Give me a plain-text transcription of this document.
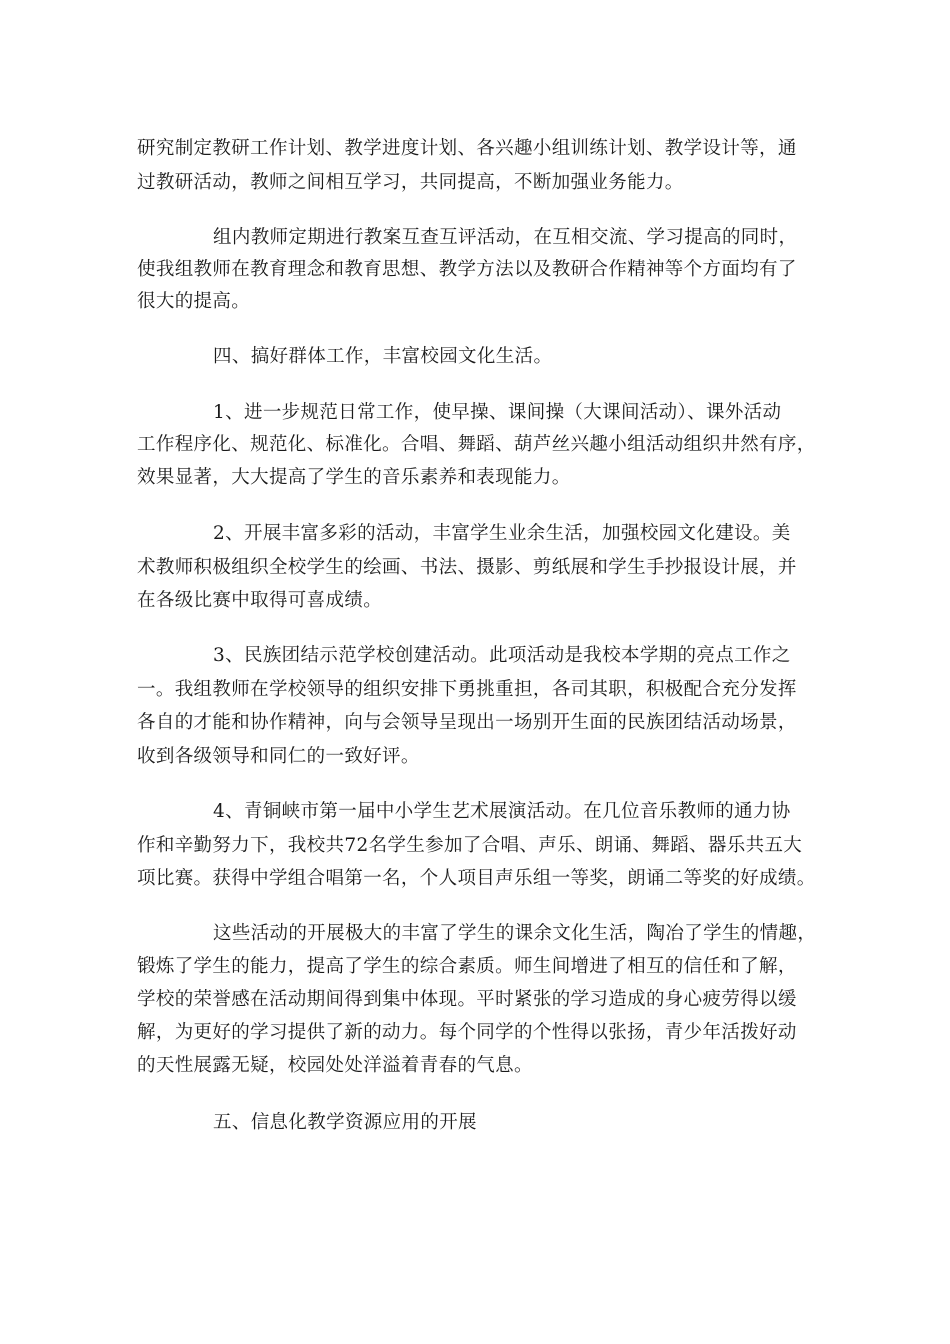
研究制定教研工作计划、教学进度计划、各兴趣小组训练计划、教学设计等，通
过教研活动，教师之间相互学习，共同提高，不断加强业务能力。
组内教师定期进行教案互查互评活动，在互相交流、学习提高的同时，
使我组教师在教育理念和教育思想、教学方法以及教研合作精神等个方面均有了
很大的提高。
四、搞好群体工作，丰富校园文化生活。
1、进一步规范日常工作，使早操、课间操（大课间活动）、课外活动
工作程序化、规范化、标准化。合唱、舞蹈、葫芦丝兴趣小组活动组织井然有序，
效果显著，大大提高了学生的音乐素养和表现能力。
2、开展丰富多彩的活动，丰富学生业余生活，加强校园文化建设。美
术教师积极组织全校学生的绘画、书法、摄影、剪纸展和学生手抄报设计展，并
在各级比赛中取得可喜成绩。
3、民族团结示范学校创建活动。此项活动是我校本学期的亮点工作之
一。我组教师在学校领导的组织安排下勇挑重担，各司其职，积极配合充分发挥
各自的才能和协作精神，向与会领导呈现出一场别开生面的民族团结活动场景，
收到各级领导和同仁的一致好评。
4、青铜峡市第一届中小学生艺术展演活动。在几位音乐教师的通力协
作和辛勤努力下，我校共72名学生参加了合唱、声乐、朗诵、舞蹈、器乐共五大
项比赛。获得中学组合唱第一名，个人项目声乐组一等奖，朗诵二等奖的好成绩。
这些活动的开展极大的丰富了学生的课余文化生活，陶冶了学生的情趣，
锻炼了学生的能力，提高了学生的综合素质。师生间增进了相互的信任和了解，
学校的荣誉感在活动期间得到集中体现。平时紧张的学习造成的身心疲劳得以缓
解，为更好的学习提供了新的动力。每个同学的个性得以张扬，青少年活拨好动
的天性展露无疑，校园处处洋溢着青春的气息。
五、信息化教学资源应用的开展
